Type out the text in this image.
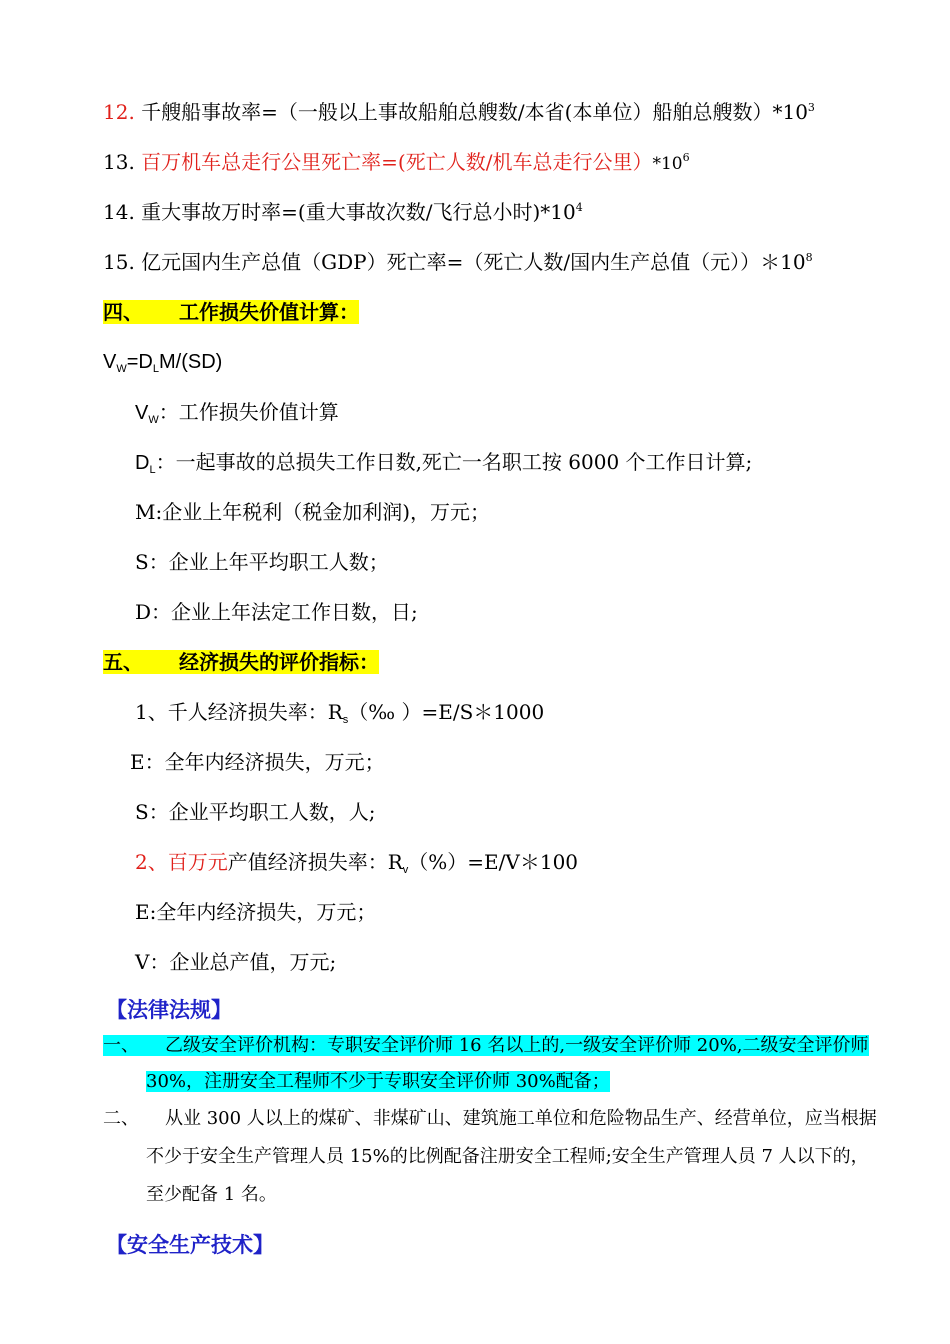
12. 千艘船事故率=（一般以上事故船舶总艘数/本省(本单位）船舶总艘数）$*10^3$
13. 百万机车总走行公里死亡率=(死亡人数/机车总走行公里）$*10^6$
14. 重大事故万时率=(重大事故次数/飞行总小时)$*10^4$
15. 亿元国内生产总值（GDP）死亡率=（死亡人数/国内生产总值（元））$*10^8$
四、 工作损失价值计算：
$V_W=D_LM/(SD)$
$V_W$：工作损失价值计算
$D_L$：一起事故的总损失工作日数,死亡一名职工按 6000 个工作日计算;
M:企业上年税利（税金加利润)，万元；
S：企业上年平均职工人数；
D：企业上年法定工作日数，日;
五、 经济损失的评价指标：
1、千人经济损失率：$R_s(‰$ ）=E/S＊1000
E：全年内经济损失，万元；
S：企业平均职工人数，人;
2、百万元产值经济损失率：$R_v(\%)=E/V*100$
E:全年内经济损失，万元；
V：企业总产值，万元;
【法律法规】
一、 乙级安全评价机构：专职安全评价师 16 名以上的,一级安全评价师 20%,二级安全评价师
30%，注册安全工程师不少于专职安全评价师 30%配备；
二、 从业 300 人以上的煤矿、非煤矿山、建筑施工单位和危险物品生产、经营单位，应当根据
不少于安全生产管理人员 15%的比例配备注册安全工程师;安全生产管理人员 7 人以下的，
至少配备 1 名。
【安全生产技术】
